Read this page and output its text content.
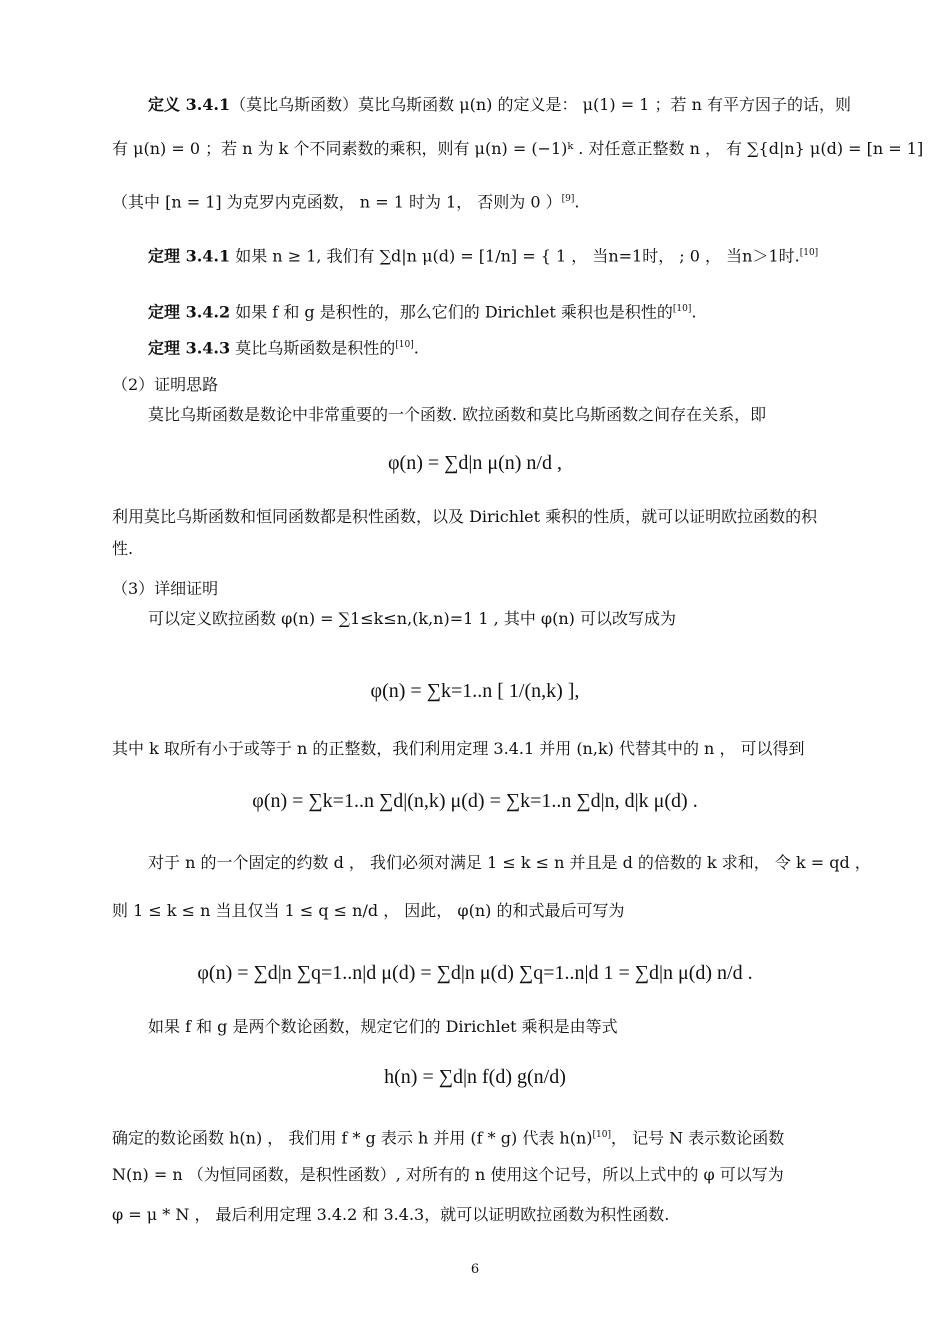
定义 3.4.1（莫比乌斯函数）莫比乌斯函数 μ(n) 的定义是： μ(1) = 1 ；若 n 有平方因子的话，则
有 μ(n) = 0 ；若 n 为 k 个不同素数的乘积，则有 μ(n) = (−1)ᵏ . 对任意正整数 n ， 有 ∑{d|n} μ(d) = [n = 1]
（其中 [n = 1] 为克罗内克函数， n = 1 时为 1， 否则为 0 ）[9].
定理 3.4.1 如果 n ≥ 1, 我们有 ∑d|n μ(d) = [1/n] = { 1 ， 当n=1时， ; 0 ， 当n＞1时.[10]
定理 3.4.2 如果 f 和 g 是积性的，那么它们的 Dirichlet 乘积也是积性的[10].
定理 3.4.3 莫比乌斯函数是积性的[10].
（2）证明思路
莫比乌斯函数是数论中非常重要的一个函数. 欧拉函数和莫比乌斯函数之间存在关系，即
φ(n) = ∑d|n μ(n) n/d ,
利用莫比乌斯函数和恒同函数都是积性函数，以及 Dirichlet 乘积的性质，就可以证明欧拉函数的积
性.
（3）详细证明
可以定义欧拉函数 φ(n) = ∑1≤k≤n,(k,n)=1 1 , 其中 φ(n) 可以改写成为
φ(n) = ∑k=1..n [ 1/(n,k) ],
其中 k 取所有小于或等于 n 的正整数，我们利用定理 3.4.1 并用 (n,k) 代替其中的 n ， 可以得到
φ(n) = ∑k=1..n ∑d|(n,k) μ(d) = ∑k=1..n ∑d|n, d|k μ(d) .
对于 n 的一个固定的约数 d ， 我们必须对满足 1 ≤ k ≤ n 并且是 d 的倍数的 k 求和， 令 k = qd ，
则 1 ≤ k ≤ n 当且仅当 1 ≤ q ≤ n/d ， 因此， φ(n) 的和式最后可写为
φ(n) = ∑d|n ∑q=1..n|d μ(d) = ∑d|n μ(d) ∑q=1..n|d 1 = ∑d|n μ(d) n/d .
如果 f 和 g 是两个数论函数，规定它们的 Dirichlet 乘积是由等式
h(n) = ∑d|n f(d) g(n/d)
确定的数论函数 h(n) ， 我们用 f * g 表示 h 并用 (f * g) 代表 h(n)[10]， 记号 N 表示数论函数
N(n) = n （为恒同函数，是积性函数）, 对所有的 n 使用这个记号，所以上式中的 φ 可以写为
φ = μ * N ， 最后利用定理 3.4.2 和 3.4.3，就可以证明欧拉函数为积性函数.
6
